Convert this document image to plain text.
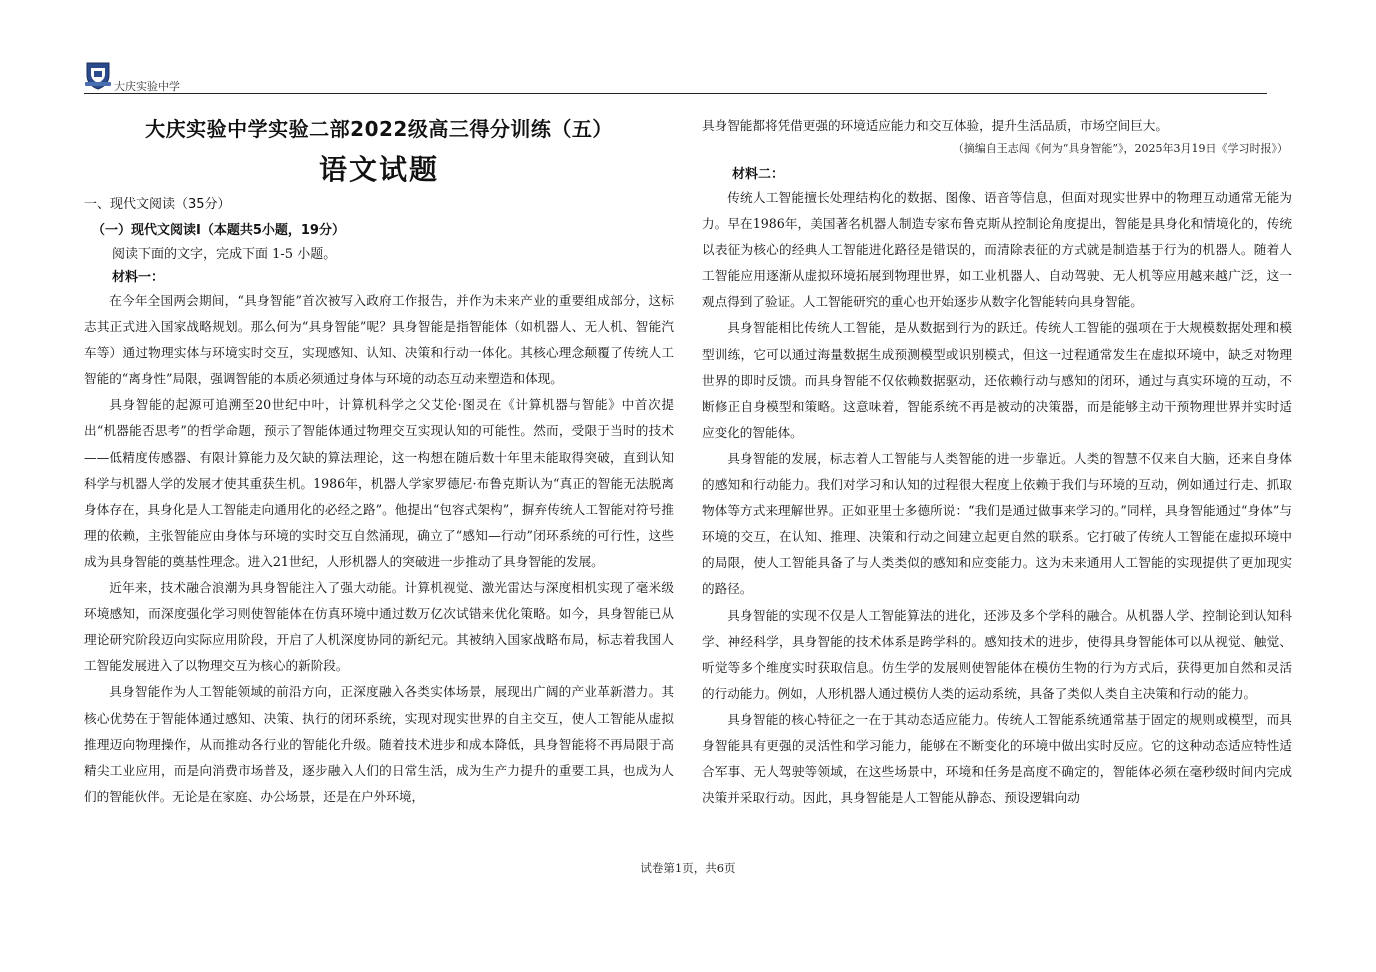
大庆实验中学
大庆实验中学实验二部2022级高三得分训练（五）
语文试题
一、现代文阅读（35分）
（一）现代文阅读Ⅰ（本题共5小题，19分）
阅读下面的文字，完成下面 1-5 小题。
材料一：

在今年全国两会期间，“具身智能”首次被写入政府工作报告，并作为未来产业的重要组成部分，这标志其正式进入国家战略规划。那么何为“具身智能”呢？具身智能是指智能体（如机器人、无人机、智能汽车等）通过物理实体与环境实时交互，实现感知、认知、决策和行动一体化。其核心理念颠覆了传统人工智能的“离身性”局限，强调智能的本质必须通过身体与环境的动态互动来塑造和体现。

具身智能的起源可追溯至20世纪中叶，计算机科学之父艾伦·图灵在《计算机器与智能》中首次提出“机器能否思考”的哲学命题，预示了智能体通过物理交互实现认知的可能性。然而，受限于当时的技术——低精度传感器、有限计算能力及欠缺的算法理论，这一构想在随后数十年里未能取得突破，直到认知科学与机器人学的发展才使其重获生机。1986年，机器人学家罗德尼·布鲁克斯认为“真正的智能无法脱离身体存在，具身化是人工智能走向通用化的必经之路”。他提出“包容式架构”，摒弃传统人工智能对符号推理的依赖，主张智能应由身体与环境的实时交互自然涌现，确立了“感知—行动”闭环系统的可行性，这些成为具身智能的奠基性理念。进入21世纪，人形机器人的突破进一步推动了具身智能的发展。

近年来，技术融合浪潮为具身智能注入了强大动能。计算机视觉、激光雷达与深度相机实现了毫米级环境感知，而深度强化学习则使智能体在仿真环境中通过数万亿次试错来优化策略。如今，具身智能已从理论研究阶段迈向实际应用阶段，开启了人机深度协同的新纪元。其被纳入国家战略布局，标志着我国人工智能发展进入了以物理交互为核心的新阶段。

具身智能作为人工智能领域的前沿方向，正深度融入各类实体场景，展现出广阔的产业革新潜力。其核心优势在于智能体通过感知、决策、执行的闭环系统，实现对现实世界的自主交互，使人工智能从虚拟推理迈向物理操作，从而推动各行业的智能化升级。随着技术进步和成本降低，具身智能将不再局限于高精尖工业应用，而是向消费市场普及，逐步融入人们的日常生活，成为生产力提升的重要工具，也成为人们的智能伙伴。无论是在家庭、办公场景，还是在户外环境，

具身智能都将凭借更强的环境适应能力和交互体验，提升生活品质，市场空间巨大。
（摘编自王志闯《何为“具身智能”》，2025年3月19日《学习时报》）
材料二：

传统人工智能擅长处理结构化的数据、图像、语音等信息，但面对现实世界中的物理互动通常无能为力。早在1986年，美国著名机器人制造专家布鲁克斯从控制论角度提出，智能是具身化和情境化的，传统以表征为核心的经典人工智能进化路径是错误的，而清除表征的方式就是制造基于行为的机器人。随着人工智能应用逐渐从虚拟环境拓展到物理世界，如工业机器人、自动驾驶、无人机等应用越来越广泛，这一观点得到了验证。人工智能研究的重心也开始逐步从数字化智能转向具身智能。

具身智能相比传统人工智能，是从数据到行为的跃迁。传统人工智能的强项在于大规模数据处理和模型训练，它可以通过海量数据生成预测模型或识别模式，但这一过程通常发生在虚拟环境中，缺乏对物理世界的即时反馈。而具身智能不仅依赖数据驱动，还依赖行动与感知的闭环，通过与真实环境的互动，不断修正自身模型和策略。这意味着，智能系统不再是被动的决策器，而是能够主动干预物理世界并实时适应变化的智能体。

具身智能的发展，标志着人工智能与人类智能的进一步靠近。人类的智慧不仅来自大脑，还来自身体的感知和行动能力。我们对学习和认知的过程很大程度上依赖于我们与环境的互动，例如通过行走、抓取物体等方式来理解世界。正如亚里士多德所说：“我们是通过做事来学习的。”同样，具身智能通过“身体”与环境的交互，在认知、推理、决策和行动之间建立起更自然的联系。它打破了传统人工智能在虚拟环境中的局限，使人工智能具备了与人类类似的感知和应变能力。这为未来通用人工智能的实现提供了更加现实的路径。

具身智能的实现不仅是人工智能算法的进化，还涉及多个学科的融合。从机器人学、控制论到认知科学、神经科学，具身智能的技术体系是跨学科的。感知技术的进步，使得具身智能体可以从视觉、触觉、听觉等多个维度实时获取信息。仿生学的发展则使智能体在模仿生物的行为方式后，获得更加自然和灵活的行动能力。例如，人形机器人通过模仿人类的运动系统，具备了类似人类自主决策和行动的能力。

具身智能的核心特征之一在于其动态适应能力。传统人工智能系统通常基于固定的规则或模型，而具身智能具有更强的灵活性和学习能力，能够在不断变化的环境中做出实时反应。它的这种动态适应特性适合军事、无人驾驶等领域，在这些场景中，环境和任务是高度不确定的，智能体必须在毫秒级时间内完成决策并采取行动。因此，具身智能是人工智能从静态、预设逻辑向动

试卷第1页，共6页
